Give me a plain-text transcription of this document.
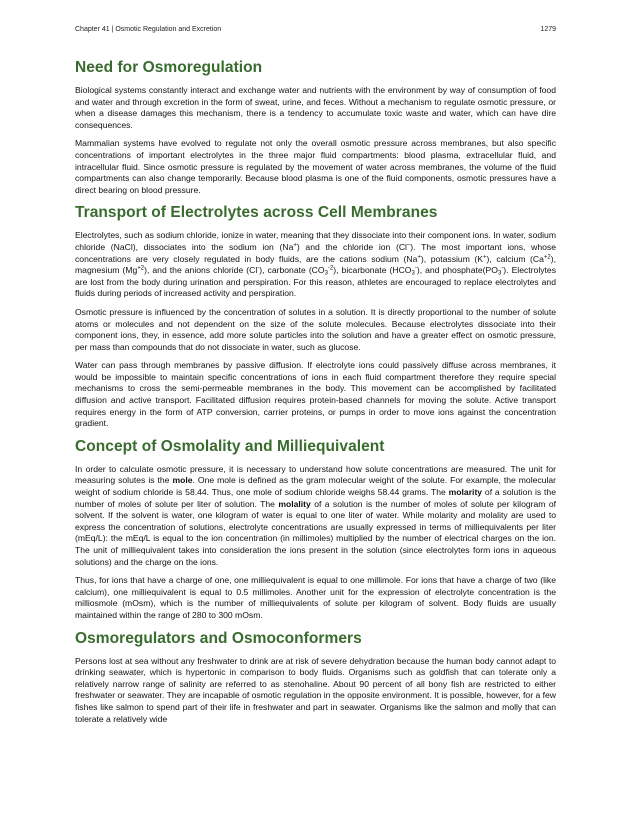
Chapter 41 | Osmotic Regulation and Excretion	1279
Need for Osmoregulation

Biological systems constantly interact and exchange water and nutrients with the environment by way of consumption of food and water and through excretion in the form of sweat, urine, and feces. Without a mechanism to regulate osmotic pressure, or when a disease damages this mechanism, there is a tendency to accumulate toxic waste and water, which can have dire consequences.

Mammalian systems have evolved to regulate not only the overall osmotic pressure across membranes, but also specific concentrations of important electrolytes in the three major fluid compartments: blood plasma, extracellular fluid, and intracellular fluid. Since osmotic pressure is regulated by the movement of water across membranes, the volume of the fluid compartments can also change temporarily. Because blood plasma is one of the fluid components, osmotic pressures have a direct bearing on blood pressure.

Transport of Electrolytes across Cell Membranes

Electrolytes, such as sodium chloride, ionize in water, meaning that they dissociate into their component ions. In water, sodium chloride (NaCl), dissociates into the sodium ion (Na+) and the chloride ion (Cl–). The most important ions, whose concentrations are very closely regulated in body fluids, are the cations sodium (Na+), potassium (K+), calcium $(Ca^{+2})$, magnesium $(Mg^{+2})$, and the anions chloride (Cl-), carbonate $(CO_3^{-2})$, bicarbonate $(HCO_3^-)$, and $phosphate(PO_3^-)$. Electrolytes are lost from the body during urination and perspiration. For this reason, athletes are encouraged to replace electrolytes and fluids during periods of increased activity and perspiration.

Osmotic pressure is influenced by the concentration of solutes in a solution. It is directly proportional to the number of solute atoms or molecules and not dependent on the size of the solute molecules. Because electrolytes dissociate into their component ions, they, in essence, add more solute particles into the solution and have a greater effect on osmotic pressure, per mass than compounds that do not dissociate in water, such as glucose.

Water can pass through membranes by passive diffusion. If electrolyte ions could passively diffuse across membranes, it would be impossible to maintain specific concentrations of ions in each fluid compartment therefore they require special mechanisms to cross the semi-permeable membranes in the body. This movement can be accomplished by facilitated diffusion and active transport. Facilitated diffusion requires protein-based channels for moving the solute. Active transport requires energy in the form of ATP conversion, carrier proteins, or pumps in order to move ions against the concentration gradient.

Concept of Osmolality and Milliequivalent

In order to calculate osmotic pressure, it is necessary to understand how solute concentrations are measured. The unit for measuring solutes is the mole. One mole is defined as the gram molecular weight of the solute. For example, the molecular weight of sodium chloride is 58.44. Thus, one mole of sodium chloride weighs 58.44 grams. The molarity of a solution is the number of moles of solute per liter of solution. The molality of a solution is the number of moles of solute per kilogram of solvent. If the solvent is water, one kilogram of water is equal to one liter of water. While molarity and molality are used to express the concentration of solutions, electrolyte concentrations are usually expressed in terms of milliequivalents per liter (mEq/L): the mEq/L is equal to the ion concentration (in millimoles) multiplied by the number of electrical charges on the ion. The unit of milliequivalent takes into consideration the ions present in the solution (since electrolytes form ions in aqueous solutions) and the charge on the ions.

Thus, for ions that have a charge of one, one milliequivalent is equal to one millimole. For ions that have a charge of two (like calcium), one milliequivalent is equal to 0.5 millimoles. Another unit for the expression of electrolyte concentration is the milliosmole (mOsm), which is the number of milliequivalents of solute per kilogram of solvent. Body fluids are usually maintained within the range of 280 to 300 mOsm.

Osmoregulators and Osmoconformers

Persons lost at sea without any freshwater to drink are at risk of severe dehydration because the human body cannot adapt to drinking seawater, which is hypertonic in comparison to body fluids. Organisms such as goldfish that can tolerate only a relatively narrow range of salinity are referred to as stenohaline. About 90 percent of all bony fish are restricted to either freshwater or seawater. They are incapable of osmotic regulation in the opposite environment. It is possible, however, for a few fishes like salmon to spend part of their life in freshwater and part in seawater. Organisms like the salmon and molly that can tolerate a relatively wide
